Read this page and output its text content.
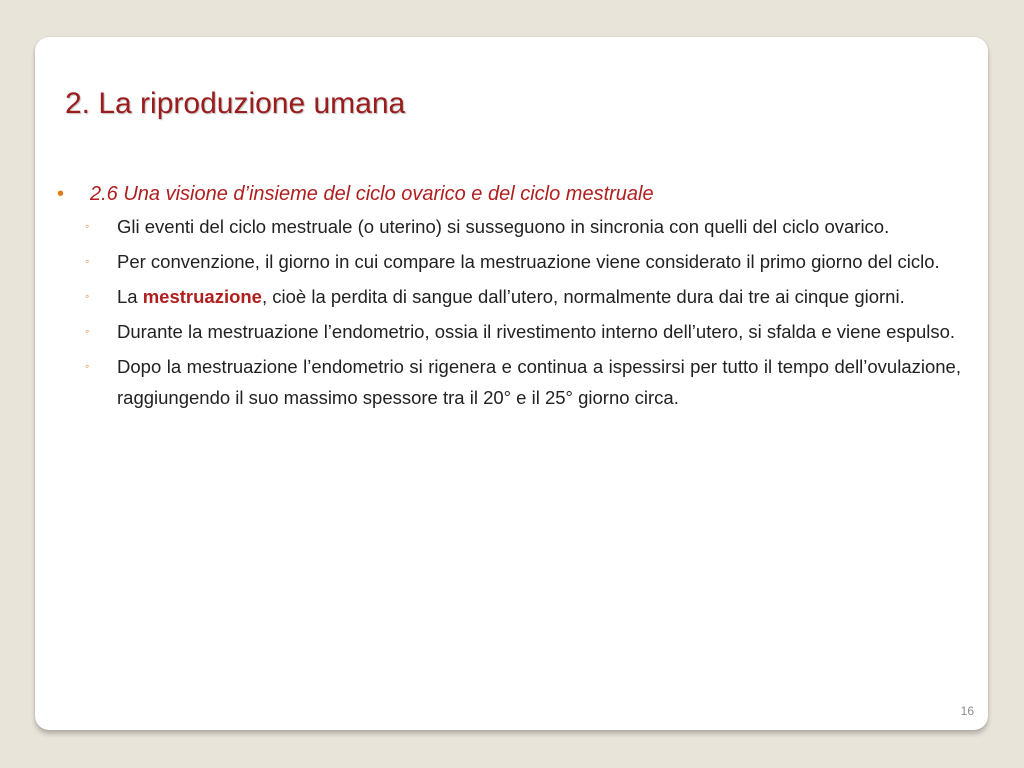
2. La riproduzione umana
• 2.6 Una visione d’insieme del ciclo ovarico e del ciclo mestruale
◦ Gli eventi del ciclo mestruale (o uterino) si susseguono in sincronia con quelli del ciclo ovarico.
◦ Per convenzione, il giorno in cui compare la mestruazione viene considerato il primo giorno del ciclo.
◦ La mestruazione, cioè la perdita di sangue dall’utero, normalmente dura dai tre ai cinque giorni.
◦ Durante la mestruazione l’endometrio, ossia il rivestimento interno dell’utero, si sfalda e viene espulso.
◦ Dopo la mestruazione l’endometrio si rigenera e continua a ispessirsi per tutto il tempo dell’ovulazione, raggiungendo il suo massimo spessore tra il 20° e il 25° giorno circa.
16
